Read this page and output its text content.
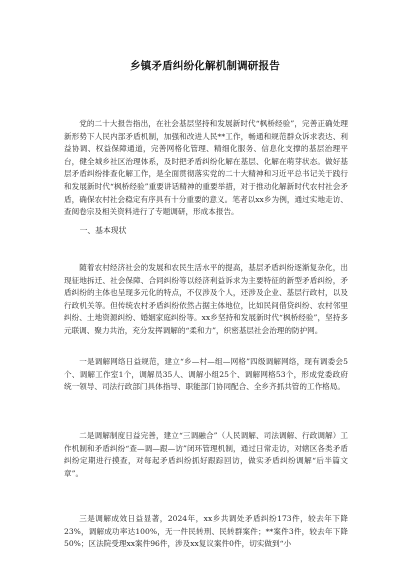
乡镇矛盾纠纷化解机制调研报告

党的二十大报告指出，在社会基层坚持和发展新时代“枫桥经验”，完善正确处理新形势下人民内部矛盾机制，加强和改进人民**工作，畅通和规范群众诉求表达、利益协调、权益保障通道，完善网格化管理、精细化服务、信息化支撑的基层治理平台，健全城乡社区治理体系，及时把矛盾纠纷化解在基层、化解在萌芽状态。做好基层矛盾纠纷排查化解工作，是全面贯彻落实党的二十大精神和习近平总书记关于践行和发展新时代“枫桥经验”重要讲话精神的重要举措，对于推动化解新时代农村社会矛盾，确保农村社会稳定有序具有十分重要的意义。笔者以xx乡为例，通过实地走访、查阅卷宗及相关资料进行了专题调研，形成本报告。

一、基本现状

随着农村经济社会的发展和农民生活水平的提高，基层矛盾纠纷逐渐复杂化，出现征地拆迁、社会保障、合同纠纷等以经济利益诉求为主要特征的新型矛盾纠纷，矛盾纠纷的主体也呈现多元化的特点，不仅涉及个人，还涉及企业、基层行政村，以及行政机关等。但传统农村矛盾纠纷依然占据主体地位，比如民间借贷纠纷、农村邻里纠纷、土地资源纠纷、婚姻家庭纠纷等。xx乡坚持和发展新时代“枫桥经验”，坚持多元联调、聚力共治，充分发挥调解的“柔和力”，织密基层社会治理的防护网。

一是调解网络日益规范，建立“乡—村—组—网格”四级调解网络，现有调委会5个、调解工作室1个，调解员35人、调解小组25个、调解网格53个，形成党委政府统一领导、司法行政部门具体指导、职能部门协同配合、全乡齐抓共管的工作格局。

二是调解制度日益完善，建立“三调融合”（人民调解、司法调解、行政调解）工作机制和矛盾纠纷“查—调—跟—访”闭环管理机制，通过日常走访，对辖区各类矛盾纠纷定期进行摸查，对每起矛盾纠纷抓好跟踪回访，做实矛盾纠纷调解“后半篇文章”。

三是调解成效日益显著，2024年，xx乡共调处矛盾纠纷173件，较去年下降23%，调解成功率达100%，无一件民转刑、民转群案件；**案件3件，较去年下降50%；区法院受理xx案件96件，涉及xx复议案件0件，切实做到“小
